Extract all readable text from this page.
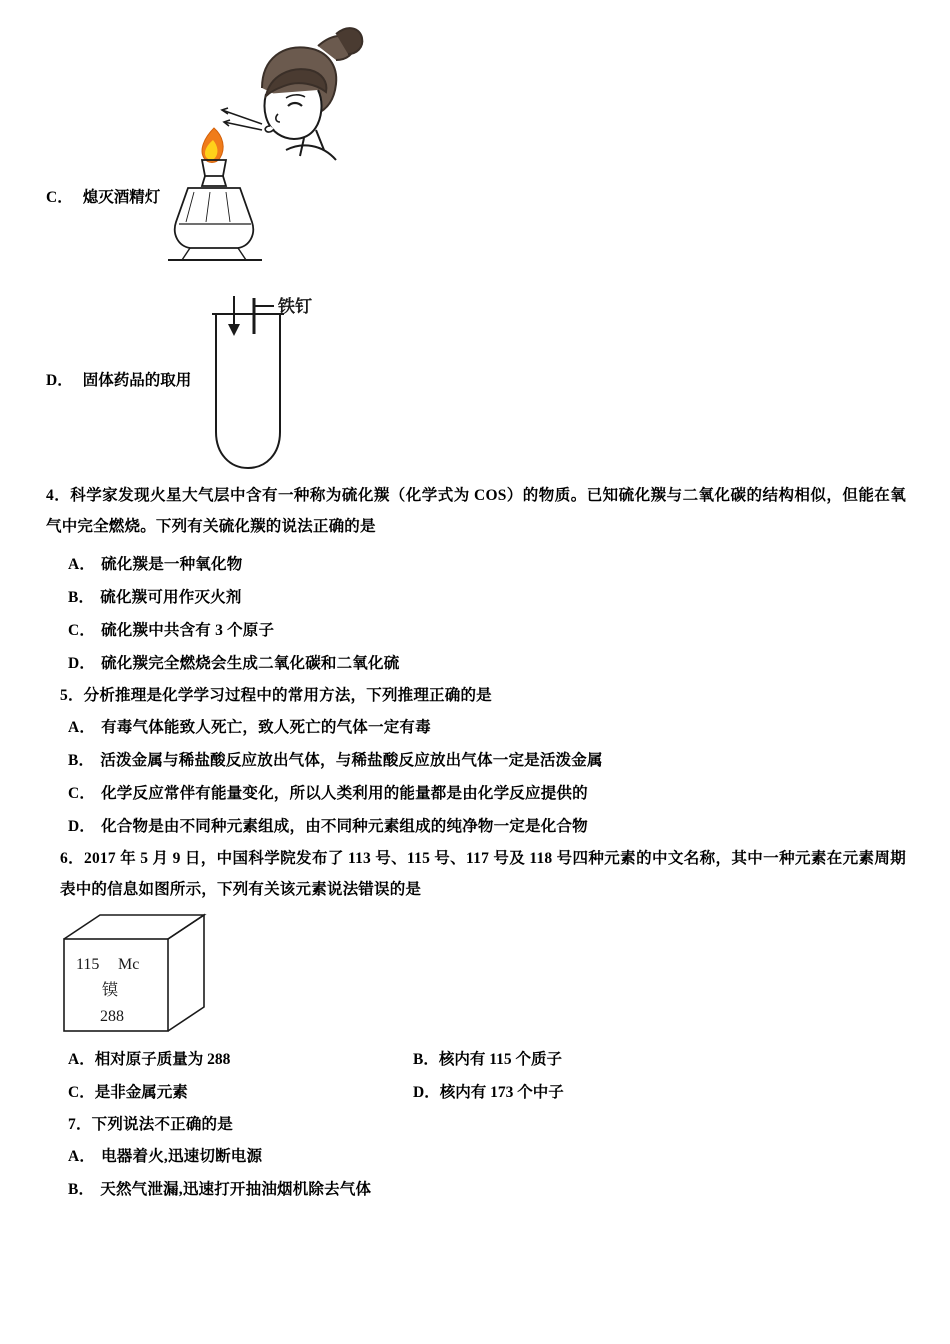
C． 熄灭酒精灯
D． 固体药品的取用
铁钉
4．科学家发现火星大气层中含有一种称为硫化羰（化学式为 COS）的物质。已知硫化羰与二氧化碳的结构相似，但能在氧气中完全燃烧。下列有关硫化羰的说法正确的是
A． 硫化羰是一种氧化物
B． 硫化羰可用作灭火剂
C． 硫化羰中共含有 3 个原子
D． 硫化羰完全燃烧会生成二氧化碳和二氧化硫
5．分析推理是化学学习过程中的常用方法，下列推理正确的是
A． 有毒气体能致人死亡，致人死亡的气体一定有毒
B． 活泼金属与稀盐酸反应放出气体，与稀盐酸反应放出气体一定是活泼金属
C． 化学反应常伴有能量变化，所以人类利用的能量都是由化学反应提供的
D． 化合物是由不同种元素组成，由不同种元素组成的纯净物一定是化合物
6．2017 年 5 月 9 日，中国科学院发布了 113 号、115 号、117 号及 118 号四种元素的中文名称，其中一种元素在元素周期表中的信息如图所示，下列有关该元素说法错误的是
115 Mc
镆
288
A．相对原子质量为 288	B．核内有 115 个质子
C．是非金属元素	D．核内有 173 个中子
7．下列说法不正确的是
A． 电器着火,迅速切断电源
B． 天然气泄漏,迅速打开抽油烟机除去气体
